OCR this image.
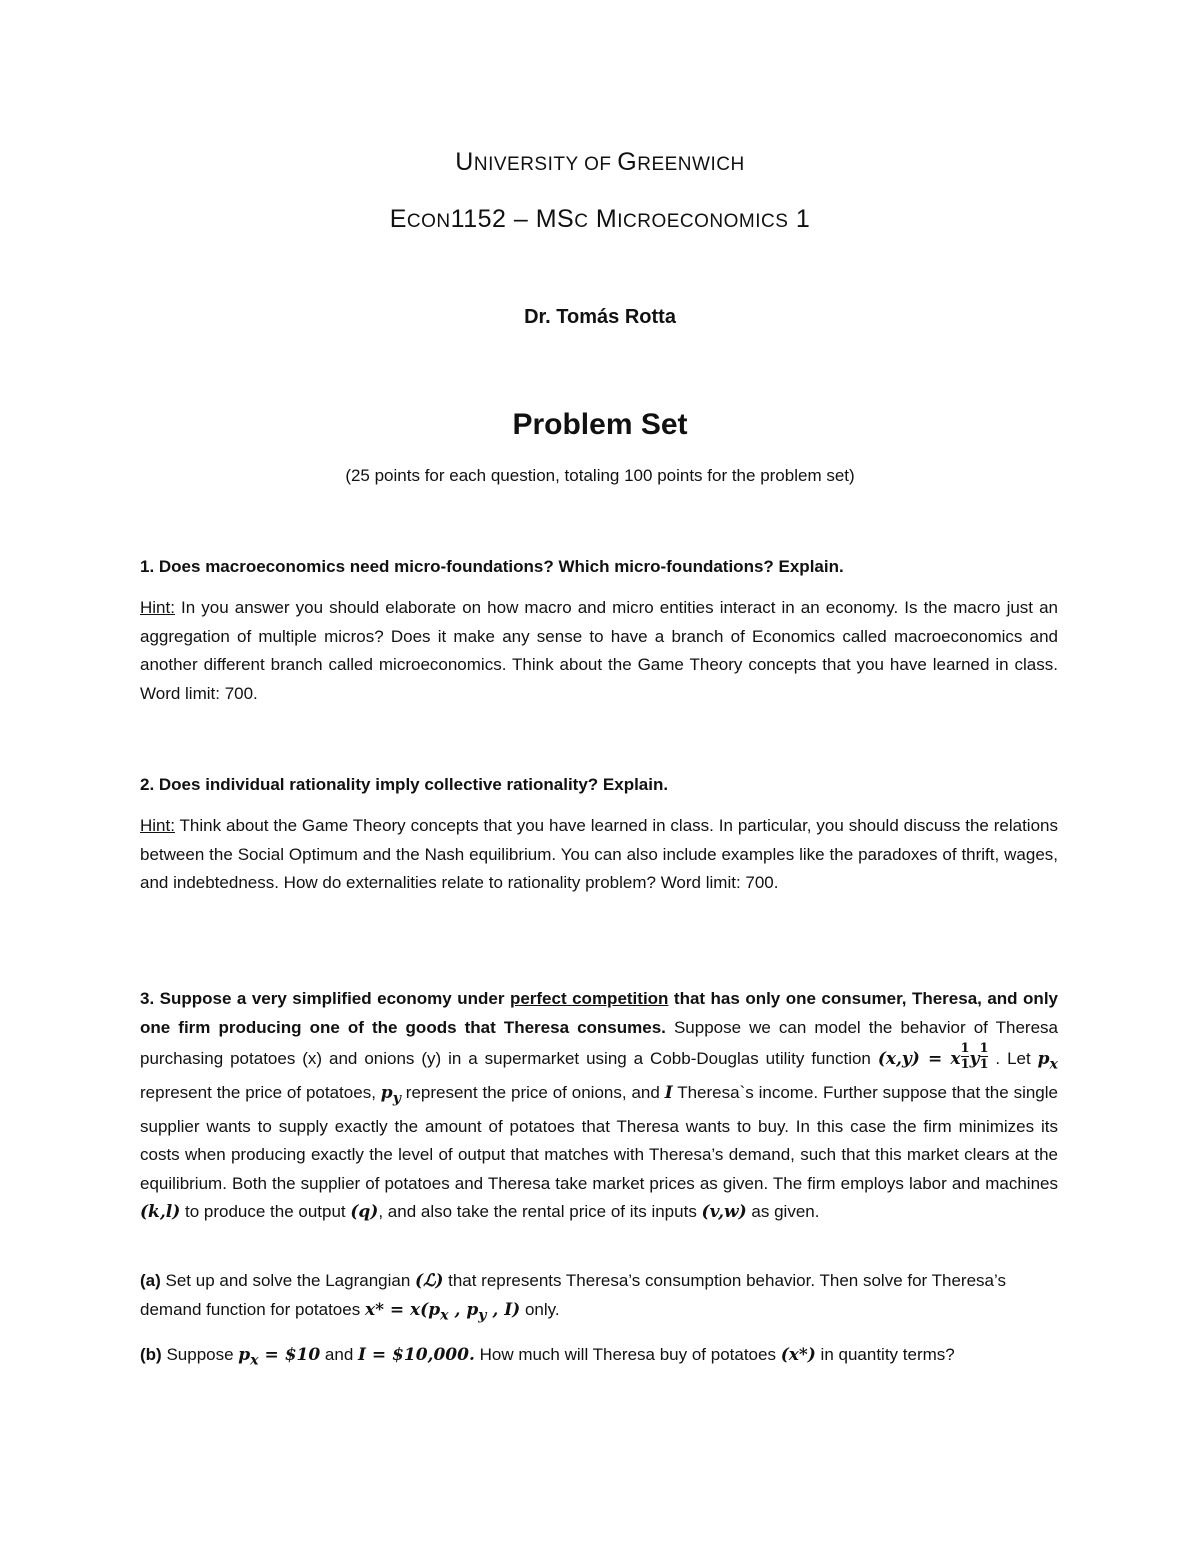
UNIVERSITY OF GREENWICH
ECON1152 – MSC MICROECONOMICS 1
Dr. Tomás Rotta
Problem Set
(25 points for each question, totaling 100 points for the problem set)
1. Does macroeconomics need micro-foundations? Which micro-foundations? Explain.
Hint: In you answer you should elaborate on how macro and micro entities interact in an economy. Is the macro just an aggregation of multiple micros? Does it make any sense to have a branch of Economics called macroeconomics and another different branch called microeconomics. Think about the Game Theory concepts that you have learned in class. Word limit: 700.
2. Does individual rationality imply collective rationality? Explain.
Hint: Think about the Game Theory concepts that you have learned in class. In particular, you should discuss the relations between the Social Optimum and the Nash equilibrium. You can also include examples like the paradoxes of thrift, wages, and indebtedness. How do externalities relate to rationality problem? Word limit: 700.
3. Suppose a very simplified economy under perfect competition that has only one consumer, Theresa, and only one firm producing one of the goods that Theresa consumes. Suppose we can model the behavior of Theresa purchasing potatoes (x) and onions (y) in a supermarket using a Cobb-Douglas utility function (x,y) = x $\frac{1}{1}$ y $\frac{1}{1}$ . Let $p_x$ represent the price of potatoes, $p_y$ represent the price of onions, and I Theresa`s income. Further suppose that the single supplier wants to supply exactly the amount of potatoes that Theresa wants to buy. In this case the firm minimizes its costs when producing exactly the level of output that matches with Theresa’s demand, such that this market clears at the equilibrium. Both the supplier of potatoes and Theresa take market prices as given. The firm employs labor and machines (k,l) to produce the output (q), and also take the rental price of its inputs (v,w) as given.
(a) Set up and solve the Lagrangian (ℒ) that represents Theresa’s consumption behavior. Then solve for Theresa’s demand function for potatoes $x* = x(p_x$ , $p_y$ , I) only.
(b) Suppose $p_x$ = $10 and I = $10,000. How much will Theresa buy of potatoes (x*) in quantity terms?
